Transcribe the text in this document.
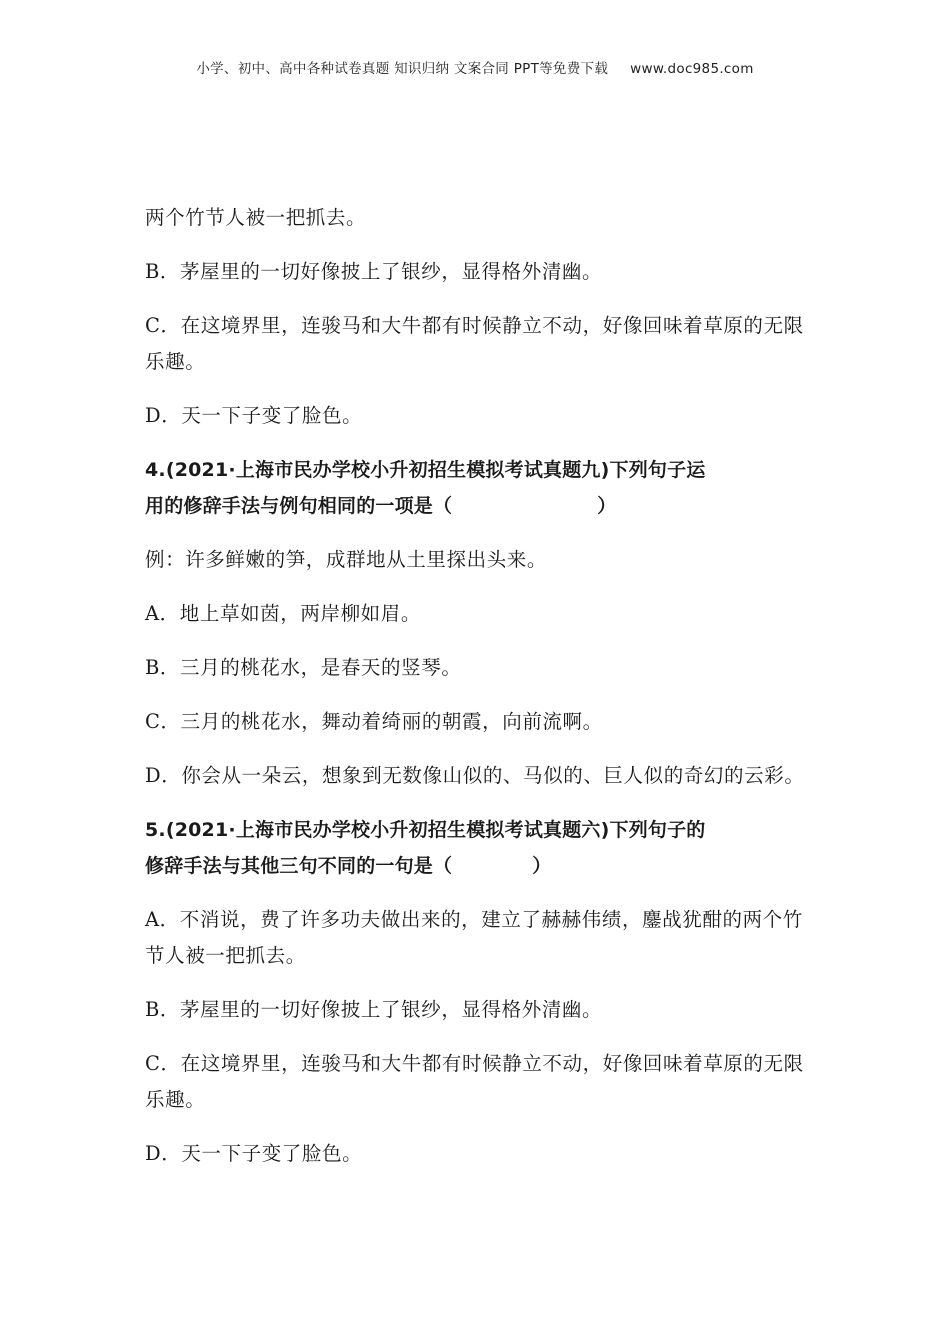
小学、初中、高中各种试卷真题 知识归纳 文案合同 PPT等免费下载 www.doc985.com

两个竹节人被一把抓去。

B．茅屋里的一切好像披上了银纱，显得格外清幽。

C．在这境界里，连骏马和大牛都有时候静立不动，好像回味着草原的无限乐趣。

D．天一下子变了脸色。

4.(2021·上海市民办学校小升初招生模拟考试真题九)下列句子运
用的修辞手法与例句相同的一项是（	）

例：许多鲜嫩的笋，成群地从土里探出头来。

A．地上草如茵，两岸柳如眉。

B．三月的桃花水，是春天的竖琴。

C．三月的桃花水，舞动着绮丽的朝霞，向前流啊。

D．你会从一朵云，想象到无数像山似的、马似的、巨人似的奇幻的云彩。

5.(2021·上海市民办学校小升初招生模拟考试真题六)下列句子的
修辞手法与其他三句不同的一句是（	）

A．不消说，费了许多功夫做出来的，建立了赫赫伟绩，鏖战犹酣的两个竹节人被一把抓去。

B．茅屋里的一切好像披上了银纱，显得格外清幽。

C．在这境界里，连骏马和大牛都有时候静立不动，好像回味着草原的无限乐趣。

D．天一下子变了脸色。
